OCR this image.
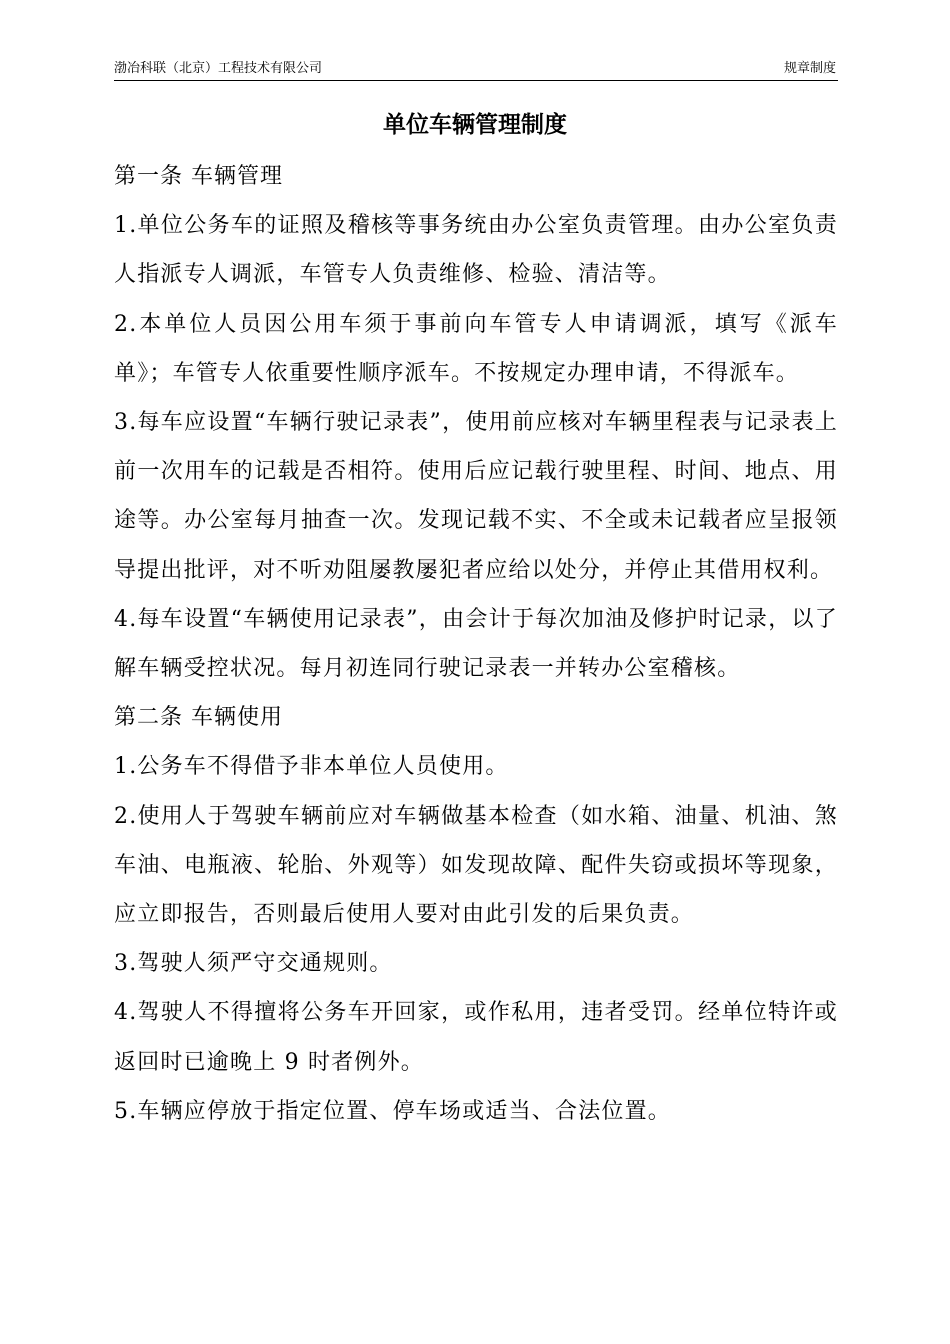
渤冶科联（北京）工程技术有限公司	规章制度
单位车辆管理制度

第一条 车辆管理

1.单位公务车的证照及稽核等事务统由办公室负责管理。由办公室负责人指派专人调派，车管专人负责维修、检验、清洁等。

2.本单位人员因公用车须于事前向车管专人申请调派，填写《派车单》；车管专人依重要性顺序派车。不按规定办理申请，不得派车。

3.每车应设置“车辆行驶记录表”，使用前应核对车辆里程表与记录表上前一次用车的记载是否相符。使用后应记载行驶里程、时间、地点、用途等。办公室每月抽查一次。发现记载不实、不全或未记载者应呈报领导提出批评，对不听劝阻屡教屡犯者应给以处分，并停止其借用权利。

4.每车设置“车辆使用记录表”，由会计于每次加油及修护时记录，以了解车辆受控状况。每月初连同行驶记录表一并转办公室稽核。

第二条 车辆使用

1.公务车不得借予非本单位人员使用。

2.使用人于驾驶车辆前应对车辆做基本检查（如水箱、油量、机油、煞车油、电瓶液、轮胎、外观等）如发现故障、配件失窃或损坏等现象，应立即报告，否则最后使用人要对由此引发的后果负责。

3.驾驶人须严守交通规则。

4.驾驶人不得擅将公务车开回家，或作私用，违者受罚。经单位特许或返回时已逾晚上 9 时者例外。

5.车辆应停放于指定位置、停车场或适当、合法位置。
